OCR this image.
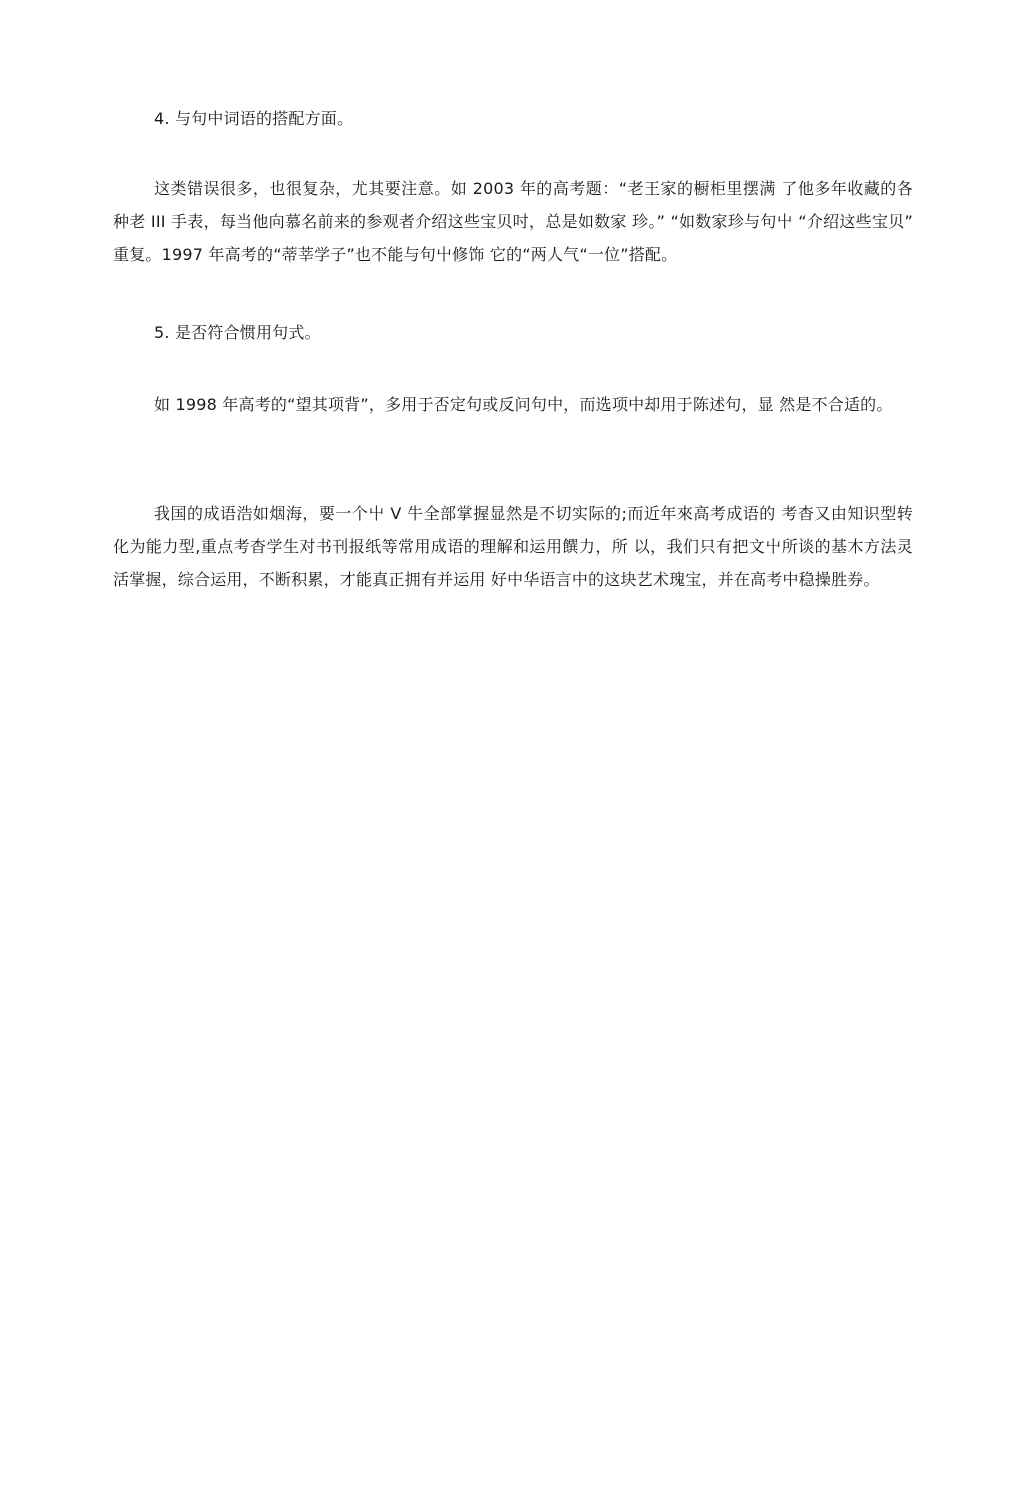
4. 与句中词语的搭配方面。

这类错误很多，也很复杂，尤其要注意。如 2003 年的高考题：“老王家的橱柜里摆满 了他多年收藏的各种老 III 手表，每当他向慕名前来的参观者介绍这些宝贝吋，总是如数家 珍。” “如数家珍与句屮 “介绍这些宝贝” 重复。1997 年高考的“蒂莘学子”也不能与句屮修饰 它的“两人气“一位”搭配。

5. 是否符合惯用句式。

如 1998 年高考的“望其项背”，多用于否定句或反问句中，而选项中却用于陈述句，显 然是不合适的。

我国的成语浩如烟海，要一个屮 V 牛全部掌握显然是不切实际的;而近年來高考成语的 考杳又由知识型转化为能力型,重点考杳学生对书刊报纸等常用成语的理解和运用饌力，所 以，我们只有把文屮所谈的基木方法灵活掌握，综合运用，不断积累，才能真正拥有并运用 好中华语言中的这块艺术瑰宝，并在高考中稳操胜券。
